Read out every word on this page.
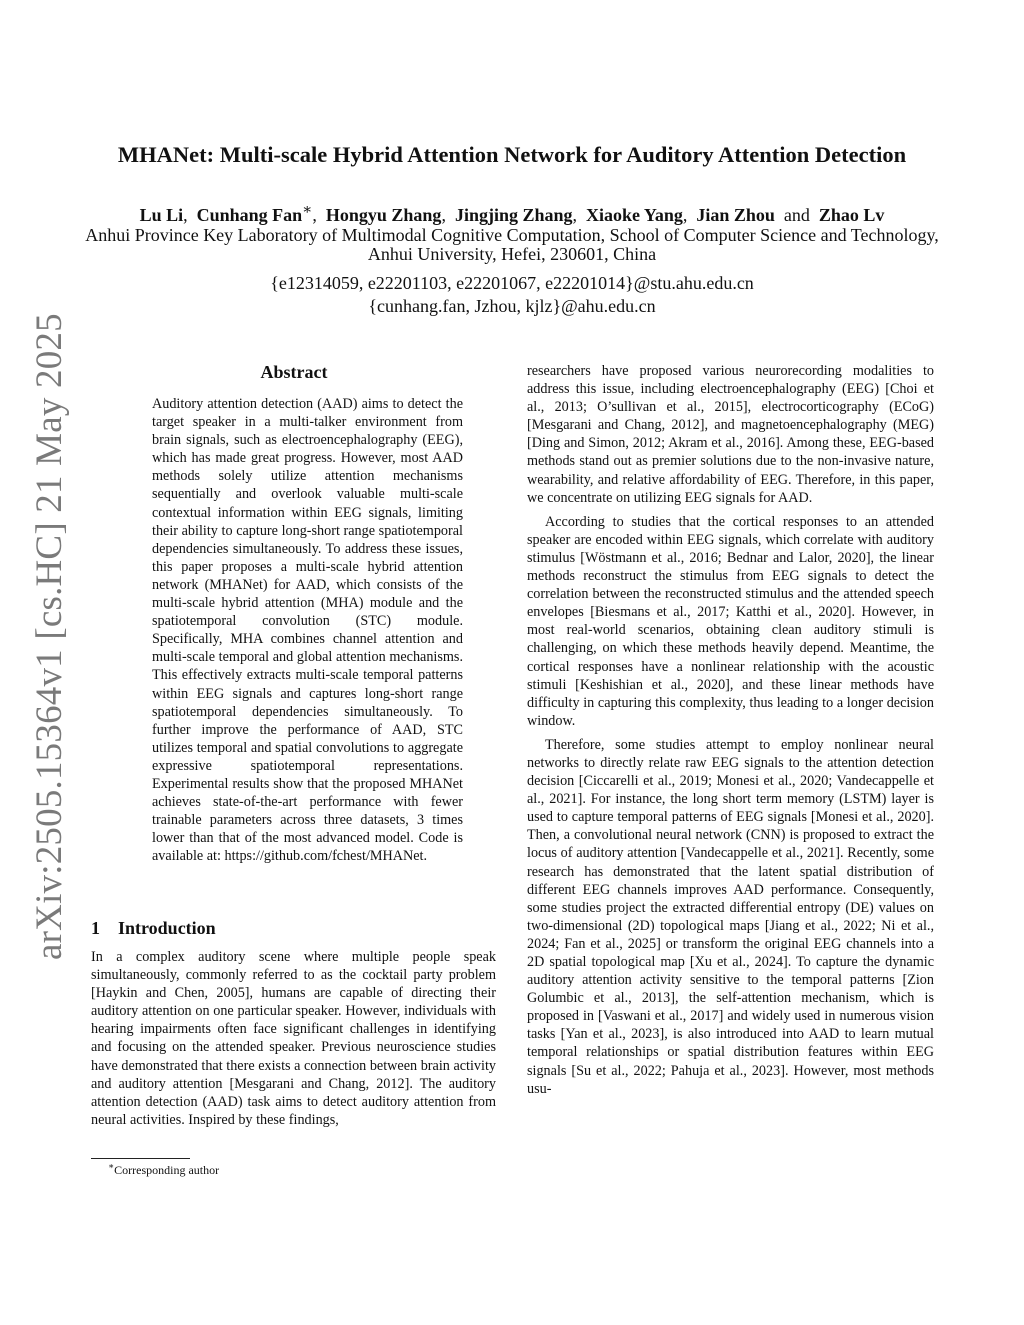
arXiv:2505.15364v1 [cs.HC] 21 May 2025
MHANet: Multi-scale Hybrid Attention Network for Auditory Attention Detection
Lu Li,  Cunhang Fan∗,  Hongyu Zhang,  Jingjing Zhang,  Xiaoke Yang,  Jian Zhou and Zhao Lv
Anhui Province Key Laboratory of Multimodal Cognitive Computation, School of Computer Science and Technology, Anhui University, Hefei, 230601, China
{e12314059, e22201103, e22201067, e22201014}@stu.ahu.edu.cn
{cunhang.fan, Jzhou, kjlz}@ahu.edu.cn
Abstract
Auditory attention detection (AAD) aims to detect the target speaker in a multi-talker environment from brain signals, such as electroencephalography (EEG), which has made great progress. However, most AAD methods solely utilize attention mechanisms sequentially and overlook valuable multi-scale contextual information within EEG signals, limiting their ability to capture long-short range spatiotemporal dependencies simultaneously. To address these issues, this paper proposes a multi-scale hybrid attention network (MHANet) for AAD, which consists of the multi-scale hybrid attention (MHA) module and the spatiotemporal convolution (STC) module. Specifically, MHA combines channel attention and multi-scale temporal and global attention mechanisms. This effectively extracts multi-scale temporal patterns within EEG signals and captures long-short range spatiotemporal dependencies simultaneously. To further improve the performance of AAD, STC utilizes temporal and spatial convolutions to aggregate expressive spatiotemporal representations. Experimental results show that the proposed MHANet achieves state-of-the-art performance with fewer trainable parameters across three datasets, 3 times lower than that of the most advanced model. Code is available at: https://github.com/fchest/MHANet.
1 Introduction
In a complex auditory scene where multiple people speak simultaneously, commonly referred to as the cocktail party problem [Haykin and Chen, 2005], humans are capable of directing their auditory attention on one particular speaker. However, individuals with hearing impairments often face significant challenges in identifying and focusing on the attended speaker. Previous neuroscience studies have demonstrated that there exists a connection between brain activity and auditory attention [Mesgarani and Chang, 2012]. The auditory attention detection (AAD) task aims to detect auditory attention from neural activities. Inspired by these findings,
∗Corresponding author

researchers have proposed various neurorecording modalities to address this issue, including electroencephalography (EEG) [Choi et al., 2013; O’sullivan et al., 2015], electrocorticography (ECoG) [Mesgarani and Chang, 2012], and magnetoencephalography (MEG) [Ding and Simon, 2012; Akram et al., 2016]. Among these, EEG-based methods stand out as premier solutions due to the non-invasive nature, wearability, and relative affordability of EEG. Therefore, in this paper, we concentrate on utilizing EEG signals for AAD.

According to studies that the cortical responses to an attended speaker are encoded within EEG signals, which correlate with auditory stimulus [Wöstmann et al., 2016; Bednar and Lalor, 2020], the linear methods reconstruct the stimulus from EEG signals to detect the correlation between the reconstructed stimulus and the attended speech envelopes [Biesmans et al., 2017; Katthi et al., 2020]. However, in most real-world scenarios, obtaining clean auditory stimuli is challenging, on which these methods heavily depend. Meantime, the cortical responses have a nonlinear relationship with the acoustic stimuli [Keshishian et al., 2020], and these linear methods have difficulty in capturing this complexity, thus leading to a longer decision window.

Therefore, some studies attempt to employ nonlinear neural networks to directly relate raw EEG signals to the attention detection decision [Ciccarelli et al., 2019; Monesi et al., 2020; Vandecappelle et al., 2021]. For instance, the long short term memory (LSTM) layer is used to capture temporal patterns of EEG signals [Monesi et al., 2020]. Then, a convolutional neural network (CNN) is proposed to extract the locus of auditory attention [Vandecappelle et al., 2021]. Recently, some research has demonstrated that the latent spatial distribution of different EEG channels improves AAD performance. Consequently, some studies project the extracted differential entropy (DE) values on two-dimensional (2D) topological maps [Jiang et al., 2022; Ni et al., 2024; Fan et al., 2025] or transform the original EEG channels into a 2D spatial topological map [Xu et al., 2024]. To capture the dynamic auditory attention activity sensitive to the temporal patterns [Zion Golumbic et al., 2013], the self-attention mechanism, which is proposed in [Vaswani et al., 2017] and widely used in numerous vision tasks [Yan et al., 2023], is also introduced into AAD to learn mutual temporal relationships or spatial distribution features within EEG signals [Su et al., 2022; Pahuja et al., 2023]. However, most methods usu-
